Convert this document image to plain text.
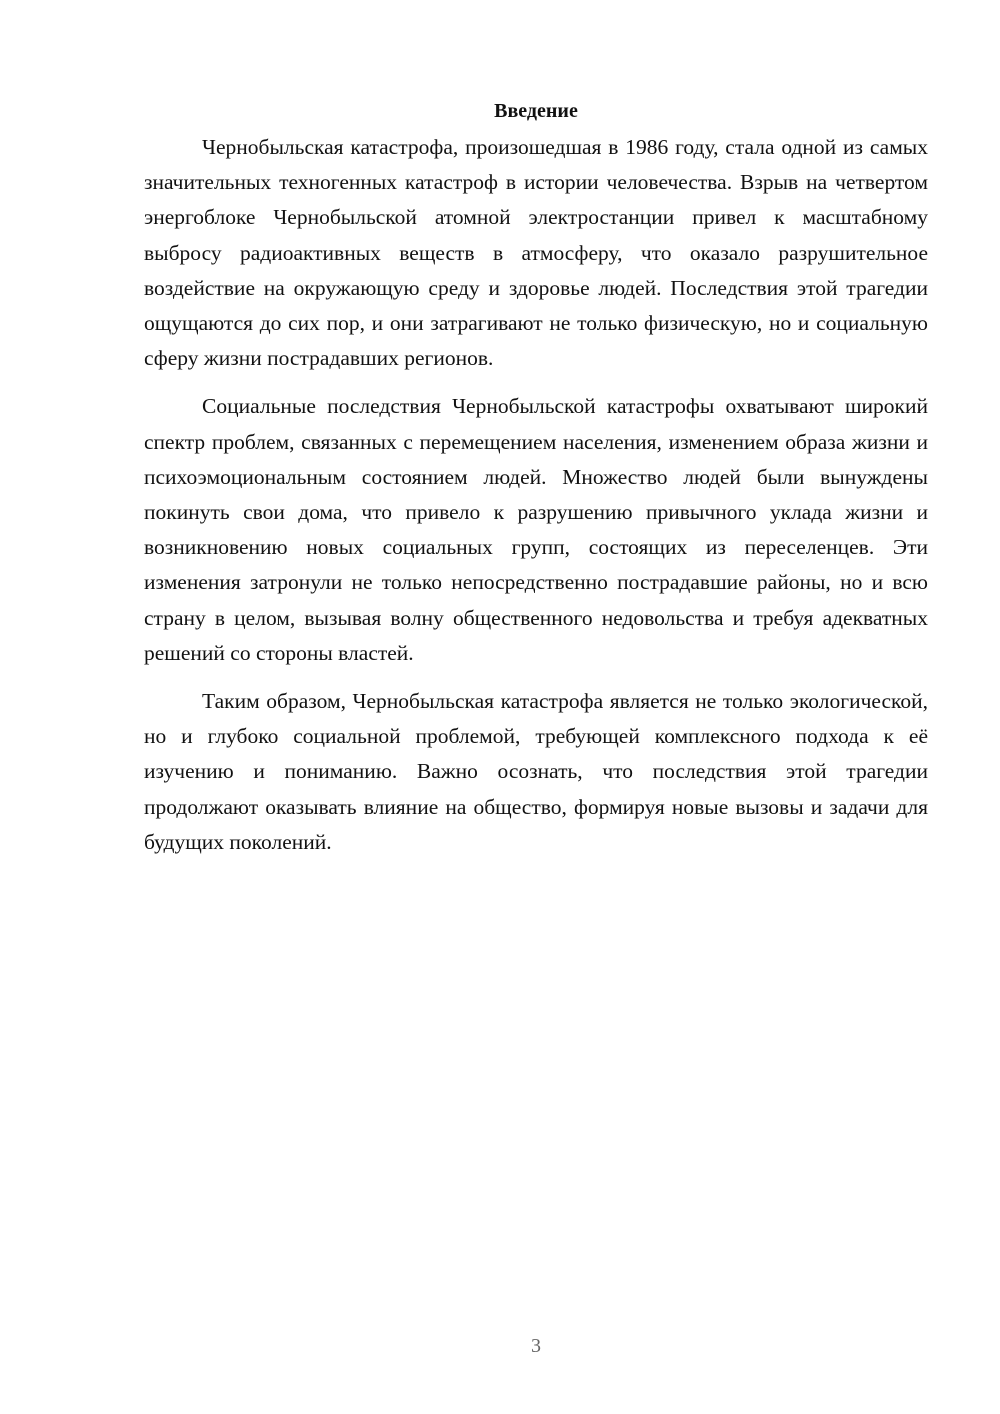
Введение

Чернобыльская катастрофа, произошедшая в 1986 году, стала одной из самых значительных техногенных катастроф в истории человечества. Взрыв на четвертом энергоблоке Чернобыльской атомной электростанции привел к масштабному выбросу радиоактивных веществ в атмосферу, что оказало разрушительное воздействие на окружающую среду и здоровье людей. Последствия этой трагедии ощущаются до сих пор, и они затрагивают не только физическую, но и социальную сферу жизни пострадавших регионов.

Социальные последствия Чернобыльской катастрофы охватывают широкий спектр проблем, связанных с перемещением населения, изменением образа жизни и психоэмоциональным состоянием людей. Множество людей были вынуждены покинуть свои дома, что привело к разрушению привычного уклада жизни и возникновению новых социальных групп, состоящих из переселенцев. Эти изменения затронули не только непосредственно пострадавшие районы, но и всю страну в целом, вызывая волну общественного недовольства и требуя адекватных решений со стороны властей.

Таким образом, Чернобыльская катастрофа является не только экологической, но и глубоко социальной проблемой, требующей комплексного подхода к её изучению и пониманию. Важно осознать, что последствия этой трагедии продолжают оказывать влияние на общество, формируя новые вызовы и задачи для будущих поколений.

3
